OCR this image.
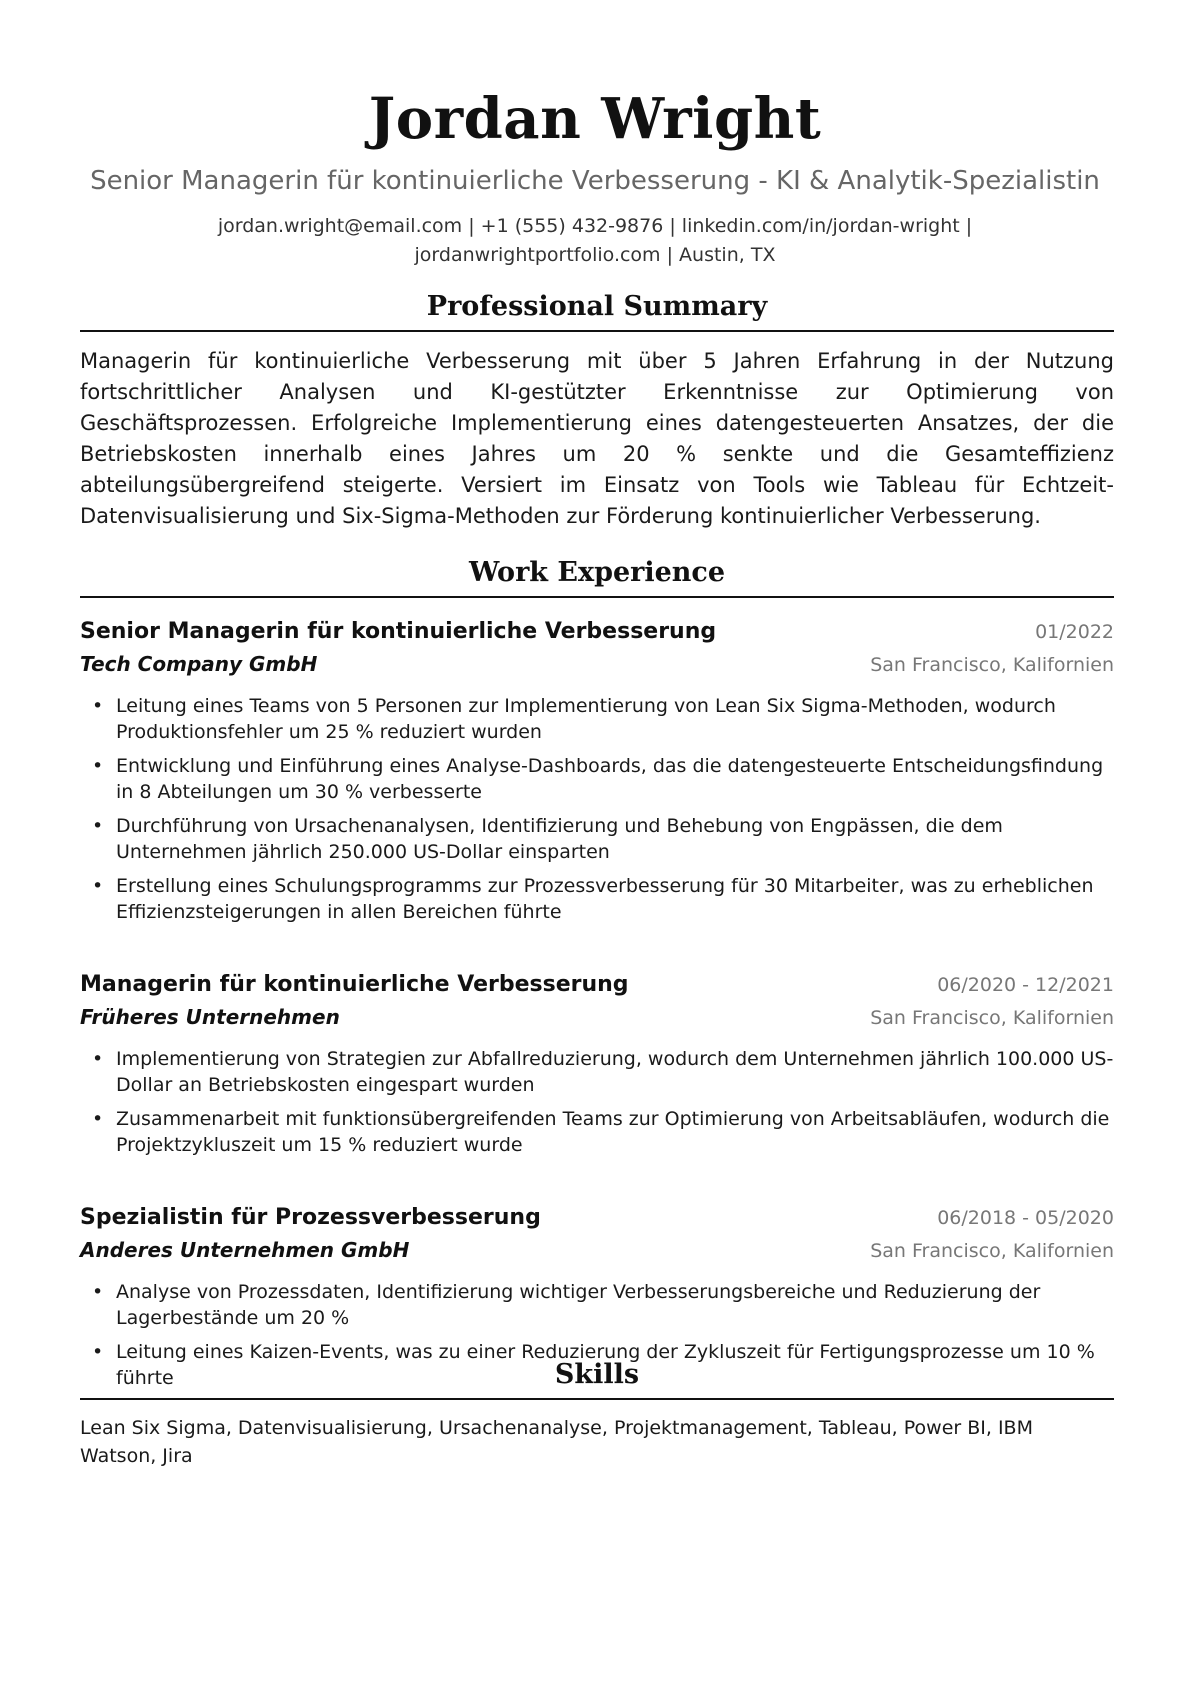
Jordan Wright
Senior Managerin für kontinuierliche Verbesserung - KI & Analytik-Spezialistin
jordan.wright@email.com | +1 (555) 432-9876 | linkedin.com/in/jordan-wright | jordanwrightportfolio.com | Austin, TX
Professional Summary
Managerin für kontinuierliche Verbesserung mit über 5 Jahren Erfahrung in der Nutzung fortschrittlicher Analysen und KI-gestützter Erkenntnisse zur Optimierung von Geschäftsprozessen. Erfolgreiche Implementierung eines datengesteuerten Ansatzes, der die Betriebskosten innerhalb eines Jahres um 20 % senkte und die Gesamteffizienz abteilungsübergreifend steigerte. Versiert im Einsatz von Tools wie Tableau für Echtzeit-Datenvisualisierung und Six-Sigma-Methoden zur Förderung kontinuierlicher Verbesserung.
Work Experience
Senior Managerin für kontinuierliche Verbesserung	01/2022
Tech Company GmbH	San Francisco, Kalifornien
• Leitung eines Teams von 5 Personen zur Implementierung von Lean Six Sigma-Methoden, wodurch Produktionsfehler um 25 % reduziert wurden
• Entwicklung und Einführung eines Analyse-Dashboards, das die datengesteuerte Entscheidungsfindung in 8 Abteilungen um 30 % verbesserte
• Durchführung von Ursachenanalysen, Identifizierung und Behebung von Engpässen, die dem Unternehmen jährlich 250.000 US-Dollar einsparten
• Erstellung eines Schulungsprogramms zur Prozessverbesserung für 30 Mitarbeiter, was zu erheblichen Effizienzsteigerungen in allen Bereichen führte
Managerin für kontinuierliche Verbesserung	06/2020 - 12/2021
Früheres Unternehmen	San Francisco, Kalifornien
• Implementierung von Strategien zur Abfallreduzierung, wodurch dem Unternehmen jährlich 100.000 US-Dollar an Betriebskosten eingespart wurden
• Zusammenarbeit mit funktionsübergreifenden Teams zur Optimierung von Arbeitsabläufen, wodurch die Projektzykluszeit um 15 % reduziert wurde
Spezialistin für Prozessverbesserung	06/2018 - 05/2020
Anderes Unternehmen GmbH	San Francisco, Kalifornien
• Analyse von Prozessdaten, Identifizierung wichtiger Verbesserungsbereiche und Reduzierung der Lagerbestände um 20 %
• Leitung eines Kaizen-Events, was zu einer Reduzierung der Zykluszeit für Fertigungsprozesse um 10 % führte	Skills
Lean Six Sigma, Datenvisualisierung, Ursachenanalyse, Projektmanagement, Tableau, Power BI, IBM Watson, Jira
